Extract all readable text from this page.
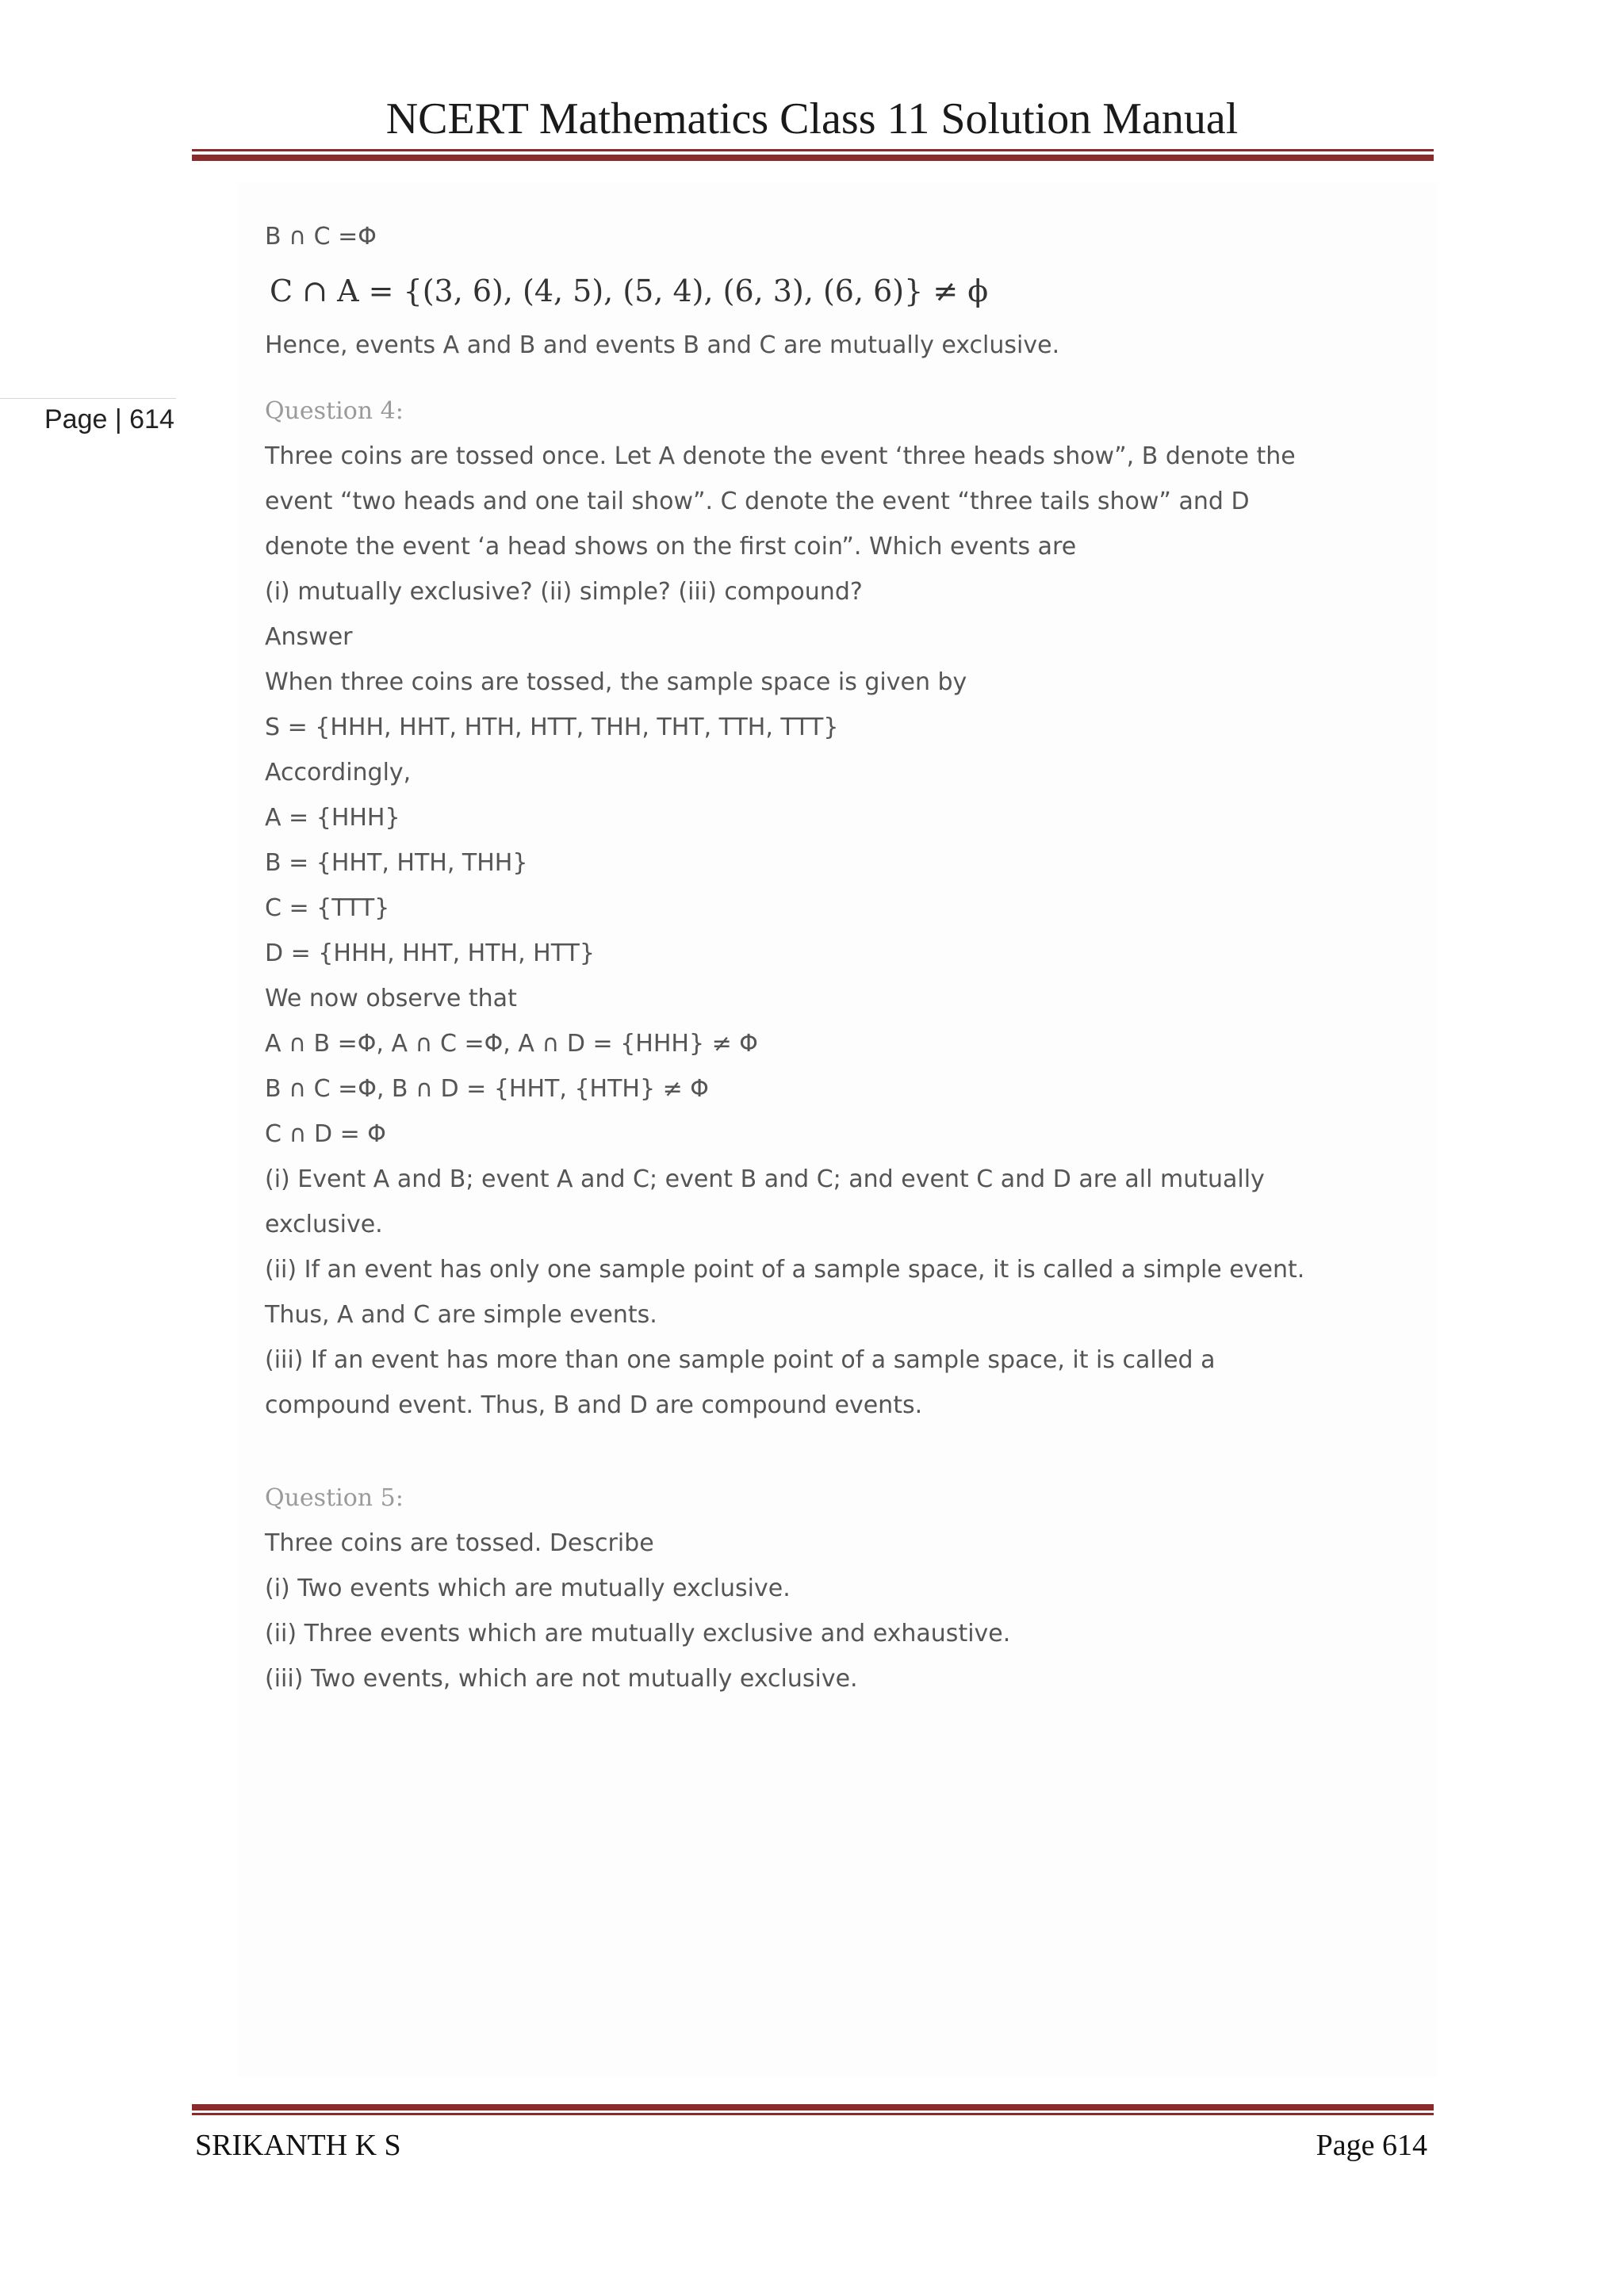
NCERT Mathematics Class 11 Solution Manual
Page | 614
B ∩ C =Φ
C ∩ A = {(3, 6), (4, 5), (5, 4), (6, 3), (6, 6)} ≠ ϕ
Hence, events A and B and events B and C are mutually exclusive.
Question 4:
Three coins are tossed once. Let A denote the event ‘three heads show”, B denote the
event “two heads and one tail show”. C denote the event “three tails show” and D
denote the event ‘a head shows on the first coin”. Which events are
(i) mutually exclusive? (ii) simple? (iii) compound?
Answer
When three coins are tossed, the sample space is given by
S = {HHH, HHT, HTH, HTT, THH, THT, TTH, TTT}
Accordingly,
A = {HHH}
B = {HHT, HTH, THH}
C = {TTT}
D = {HHH, HHT, HTH, HTT}
We now observe that
A ∩ B =Φ, A ∩ C =Φ, A ∩ D = {HHH} ≠ Φ
B ∩ C =Φ, B ∩ D = {HHT, {HTH} ≠ Φ
C ∩ D = Φ
(i) Event A and B; event A and C; event B and C; and event C and D are all mutually
exclusive.
(ii) If an event has only one sample point of a sample space, it is called a simple event.
Thus, A and C are simple events.
(iii) If an event has more than one sample point of a sample space, it is called a
compound event. Thus, B and D are compound events.
Question 5:
Three coins are tossed. Describe
(i) Two events which are mutually exclusive.
(ii) Three events which are mutually exclusive and exhaustive.
(iii) Two events, which are not mutually exclusive.
SRIKANTH K S	Page 614
